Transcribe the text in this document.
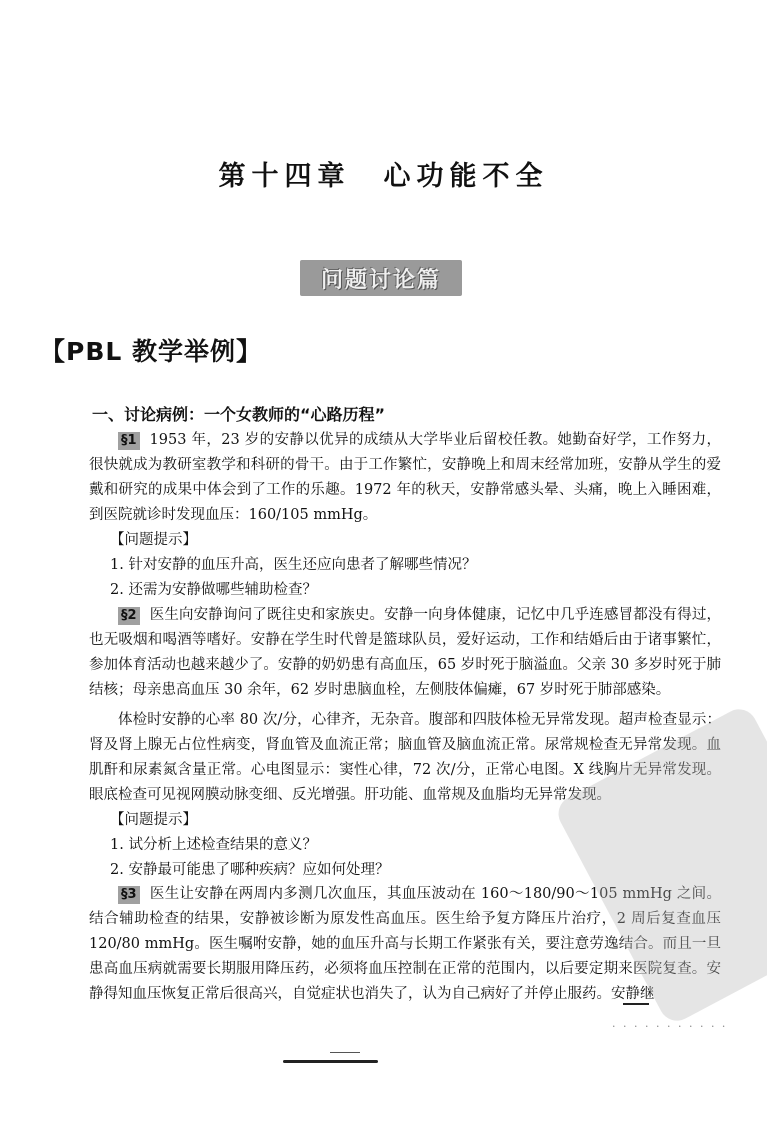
第十四章　心功能不全
问题讨论篇
【PBL 教学举例】
一、讨论病例：一个女教师的“心路历程”
§1 1953 年，23 岁的安静以优异的成绩从大学毕业后留校任教。她勤奋好学，工作努力，很快就成为教研室教学和科研的骨干。由于工作繁忙，安静晚上和周末经常加班，安静从学生的爱戴和研究的成果中体会到了工作的乐趣。1972 年的秋天，安静常感头晕、头痛，晚上入睡困难，到医院就诊时发现血压：160/105 mmHg。
【问题提示】
1. 针对安静的血压升高，医生还应向患者了解哪些情况？
2. 还需为安静做哪些辅助检查？
§2 医生向安静询问了既往史和家族史。安静一向身体健康，记忆中几乎连感冒都没有得过，也无吸烟和喝酒等嗜好。安静在学生时代曾是篮球队员，爱好运动，工作和结婚后由于诸事繁忙，参加体育活动也越来越少了。安静的奶奶患有高血压，65 岁时死于脑溢血。父亲 30 多岁时死于肺结核；母亲患高血压 30 余年，62 岁时患脑血栓，左侧肢体偏瘫，67 岁时死于肺部感染。
体检时安静的心率 80 次/分，心律齐，无杂音。腹部和四肢体检无异常发现。超声检查显示：肾及肾上腺无占位性病变，肾血管及血流正常；脑血管及脑血流正常。尿常规检查无异常发现。血肌酐和尿素氮含量正常。心电图显示：窦性心律，72 次/分，正常心电图。X 线胸片无异常发现。眼底检查可见视网膜动脉变细、反光增强。肝功能、血常规及血脂均无异常发现。
【问题提示】
1. 试分析上述检查结果的意义？
2. 安静最可能患了哪种疾病？应如何处理？
§3 医生让安静在两周内多测几次血压，其血压波动在 160～180/90～105 mmHg 之间。结合辅助检查的结果，安静被诊断为原发性高血压。医生给予复方降压片治疗，2 周后复查血压 120/80 mmHg。医生嘱咐安静，她的血压升高与长期工作紧张有关，要注意劳逸结合。而且一旦患高血压病就需要长期服用降压药，必须将血压控制在正常的范围内，以后要定期来医院复查。安静得知血压恢复正常后很高兴，自觉症状也消失了，认为自己病好了并停止服药。安静继
· · · · · · · · · · ·
